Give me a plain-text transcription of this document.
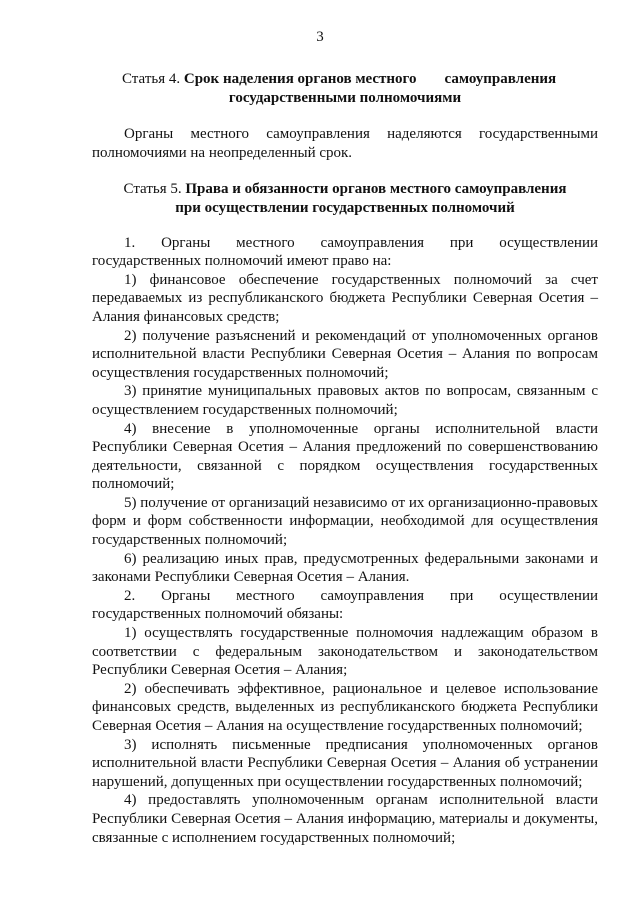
3
Статья 4. Срок наделения органов местного самоуправления
государственными полномочиями

Органы местного самоуправления наделяются государственными полномочиями на неопределенный срок.

Статья 5. Права и обязанности органов местного самоуправления
при осуществлении государственных полномочий

1. Органы местного самоуправления при осуществлении государственных полномочий имеют право на:

1) финансовое обеспечение государственных полномочий за счет передаваемых из республиканского бюджета Республики Северная Осетия – Алания финансовых средств;

2) получение разъяснений и рекомендаций от уполномоченных органов исполнительной власти Республики Северная Осетия – Алания по вопросам осуществления государственных полномочий;

3) принятие муниципальных правовых актов по вопросам, связанным с осуществлением государственных полномочий;

4) внесение в уполномоченные органы исполнительной власти Республики Северная Осетия – Алания предложений по совершенствованию деятельности, связанной с порядком осуществления государственных полномочий;

5) получение от организаций независимо от их организационно-правовых форм и форм собственности информации, необходимой для осуществления государственных полномочий;

6) реализацию иных прав, предусмотренных федеральными законами и законами Республики Северная Осетия – Алания.

2. Органы местного самоуправления при осуществлении государственных полномочий обязаны:

1) осуществлять государственные полномочия надлежащим образом в соответствии с федеральным законодательством и законодательством Республики Северная Осетия – Алания;

2) обеспечивать эффективное, рациональное и целевое использование финансовых средств, выделенных из республиканского бюджета Республики Северная Осетия – Алания на осуществление государственных полномочий;

3) исполнять письменные предписания уполномоченных органов исполнительной власти Республики Северная Осетия – Алания об устранении нарушений, допущенных при осуществлении государственных полномочий;

4) предоставлять уполномоченным органам исполнительной власти Республики Северная Осетия – Алания информацию, материалы и документы, связанные с исполнением государственных полномочий;
